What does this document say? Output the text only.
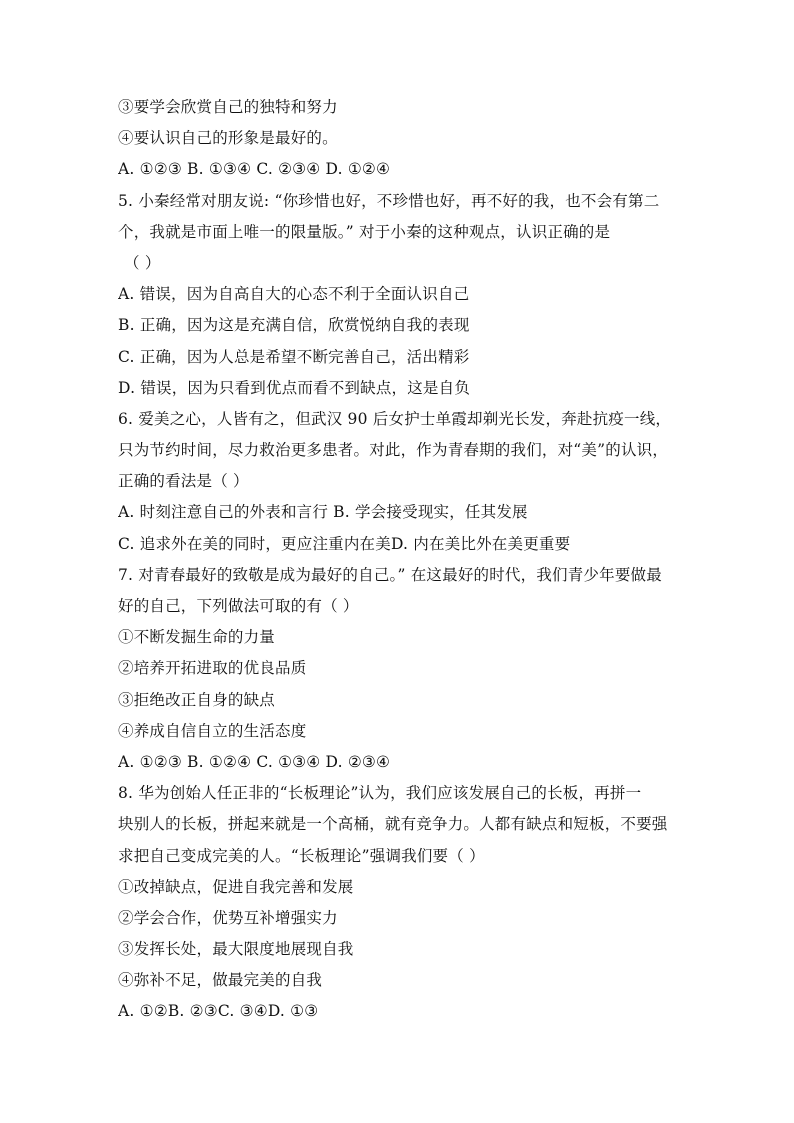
③要学会欣赏自己的独特和努力
④要认识自己的形象是最好的。
A. ①②③ B. ①③④ C. ②③④ D. ①②④
5. 小秦经常对朋友说: “你珍惜也好，不珍惜也好，再不好的我，也不会有第二
个，我就是市面上唯一的限量版。” 对于小秦的这种观点，认识正确的是
（ ）
A. 错误，因为自高自大的心态不利于全面认识自己
B. 正确，因为这是充满自信，欣赏悦纳自我的表现
C. 正确，因为人总是希望不断完善自己，活出精彩
D. 错误，因为只看到优点而看不到缺点，这是自负
6. 爱美之心，人皆有之，但武汉 90 后女护士单霞却剃光长发，奔赴抗疫一线，
只为节约时间，尽力救治更多患者。对此，作为青春期的我们，对“美”的认识，
正确的看法是（ ）
A. 时刻注意自己的外表和言行 B. 学会接受现实，任其发展
C. 追求外在美的同时，更应注重内在美D. 内在美比外在美更重要
7. 对青春最好的致敬是成为最好的自己。” 在这最好的时代，我们青少年要做最
好的自己，下列做法可取的有（ ）
①不断发掘生命的力量
②培养开拓进取的优良品质
③拒绝改正自身的缺点
④养成自信自立的生活态度
A. ①②③ B. ①②④ C. ①③④ D. ②③④
8. 华为创始人任正非的“长板理论”认为，我们应该发展自己的长板，再拼一
块别人的长板，拼起来就是一个高桶，就有竞争力。人都有缺点和短板，不要强
求把自己变成完美的人。“长板理论”强调我们要（ ）
①改掉缺点，促进自我完善和发展
②学会合作，优势互补增强实力
③发挥长处，最大限度地展现自我
④弥补不足，做最完美的自我
A. ①②B. ②③C. ③④D. ①③
